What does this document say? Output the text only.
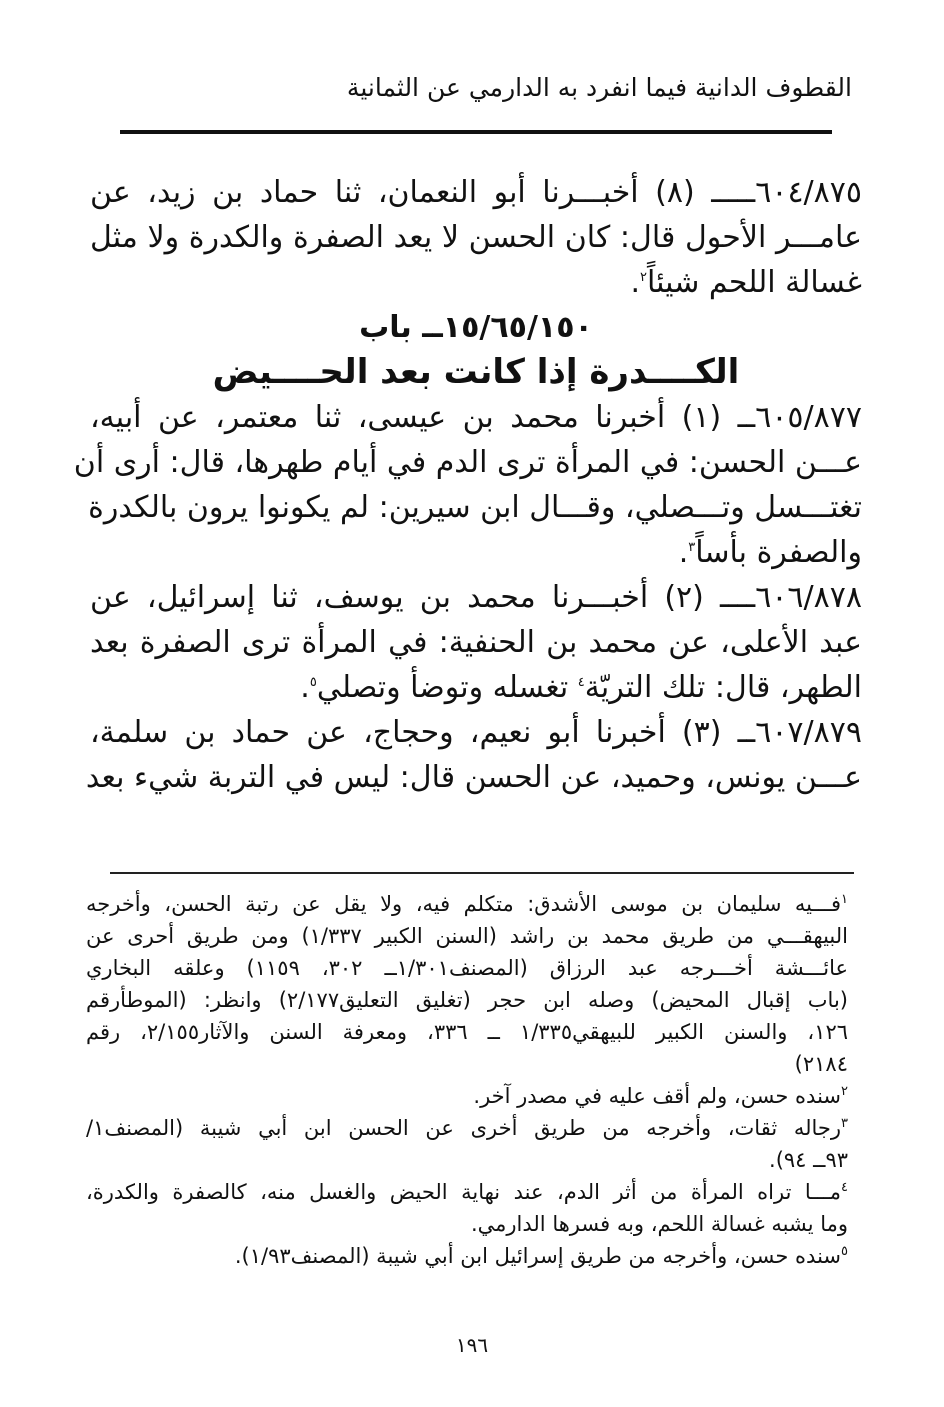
القطوف الدانية فيما انفرد به الدارمي عن الثمانية
٦٠٤/٨٧٥ـــــ (٨) أخبـــرنا أبو النعمان، ثنا حماد بن زيد، عن
عامـــر الأحول قال: كان الحسن لا يعد الصفرة والكدرة ولا مثل
غسالة اللحم شيئاً$^٢$.
١٥/٦٥/١٥٠ــ باب
الكــــدرة إذا كانت بعد الحــــيض
٦٠٥/٨٧٧ــ (١) أخبرنا محمد بن عيسى، ثنا معتمر، عن أبيه،
عـــن الحسن: في المرأة ترى الدم في أيام طهرها، قال: أرى أن
تغتـــسل وتـــصلي، وقـــال ابن سيرين: لم يكونوا يرون بالكدرة
والصفرة بأساً$^٣$.
٦٠٦/٨٧٨ــــ (٢) أخبـــرنا محمد بن يوسف، ثنا إسرائيل، عن
عبد الأعلى، عن محمد بن الحنفية: في المرأة ترى الصفرة بعد
الطهر، قال: تلك التريّة$^٤$ تغسله وتوضأ وتصلي$^٥$.
٦٠٧/٨٧٩ــ (٣) أخبرنا أبو نعيم، وحجاج، عن حماد بن سلمة،
عـــن يونس، وحميد، عن الحسن قال: ليس في التربة شيء بعد
$^١$فـــيه سليمان بن موسى الأشدق: متكلم فيه، ولا يقل عن رتبة الحسن، وأخرجه
البيهقـــي من طريق محمد بن راشد (السنن الكبير ١/٣٣٧) ومن طريق أحرى عن
عائـــشة أخـــرجه عبد الرزاق (المصنف١/٣٠١ــ ٣٠٢، ١١٥٩) وعلقه البخاري
(باب إقبال المحيض) وصله ابن حجر (تغليق التعليق٢/١٧٧) وانظر: (الموطأرقم
١٢٦، والسنن الكبير للبيهقي١/٣٣٥ ــ ٣٣٦، ومعرفة السنن والآثار٢/١٥٥، رقم
٢١٨٤)
$^٢$سنده حسن، ولم أقف عليه في مصدر آخر.
$^٣$رجاله ثقات، وأخرجه من طريق أخرى عن الحسن ابن أبي شيبة (المصنف١/
٩٣ــ ٩٤).
$^٤$مـــا تراه المرأة من أثر الدم، عند نهاية الحيض والغسل منه، كالصفرة والكدرة،
وما يشبه غسالة اللحم، وبه فسرها الدارمي.
$^٥$سنده حسن، وأخرجه من طريق إسرائيل ابن أبي شيبة (المصنف١/٩٣).
١٩٦
